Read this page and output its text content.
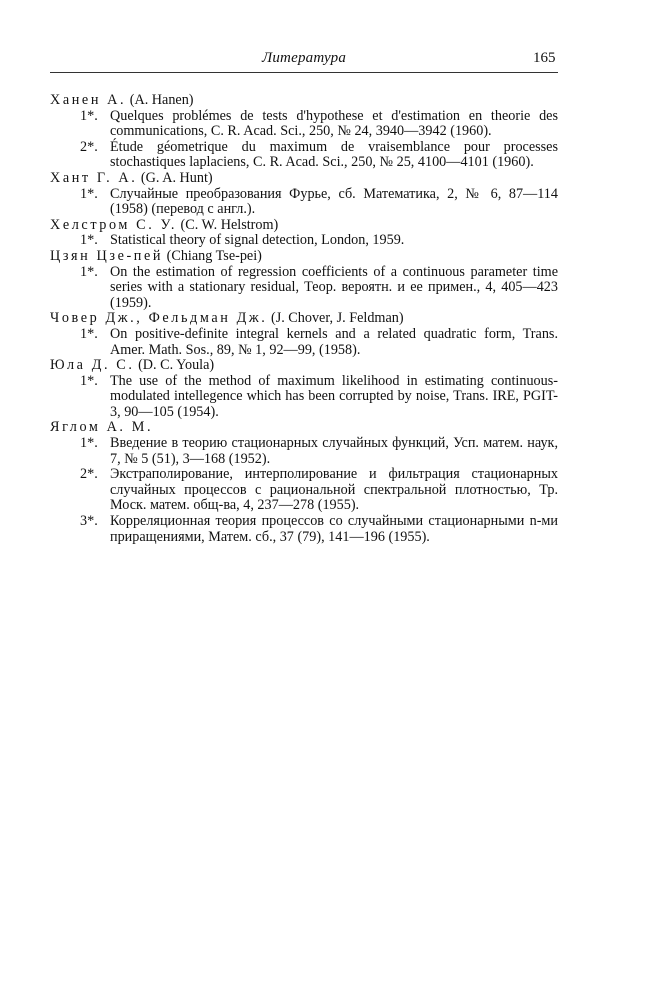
Литература	165

Ханен А. (A. Hanen)

1*. Quelques problémes de tests d'hypothese et d'estimation en theorie des communications, C. R. Acad. Sci., 250, № 24, 3940—3942 (1960).

2*. Étude géometrique du maximum de vraisemblance pour processes stochastiques laplaciens, C. R. Acad. Sci., 250, № 25, 4100—4101 (1960).

Хант Г. А. (G. A. Hunt)

1*. Случайные преобразования Фурье, сб. Математика, 2, № 6, 87—114 (1958) (перевод с англ.).

Хелстром С. У. (C. W. Helstrom)

1*. Statistical theory of signal detection, London, 1959.

Цзян Цзе-пей (Chiang Tse-pei)

1*. On the estimation of regression coefficients of a continuous parameter time series with a stationary residual, Теор. вероятн. и ее примен., 4, 405—423 (1959).

Човер Дж., Фельдман Дж. (J. Chover, J. Feldman)

1*. On positive-definite integral kernels and a related quadratic form, Trans. Amer. Math. Sos., 89, № 1, 92—99, (1958).

Юла Д. С. (D. C. Youla)

1*. The use of the method of maximum likelihood in estimating continuous-modulated intellegence which has been corrupted by noise, Trans. IRE, PGIT-3, 90—105 (1954).

Яглом А. М.

1*. Введение в теорию стационарных случайных функций, Усп. матем. наук, 7, № 5 (51), 3—168 (1952).

2*. Экстраполирование, интерполирование и фильтрация стационарных случайных процессов с рациональной спектральной плотностью, Тр. Моск. матем. общ-ва, 4, 237—278 (1955).

3*. Корреляционная теория процессов со случайными стационарными n-ми приращениями, Матем. сб., 37 (79), 141—196 (1955).
